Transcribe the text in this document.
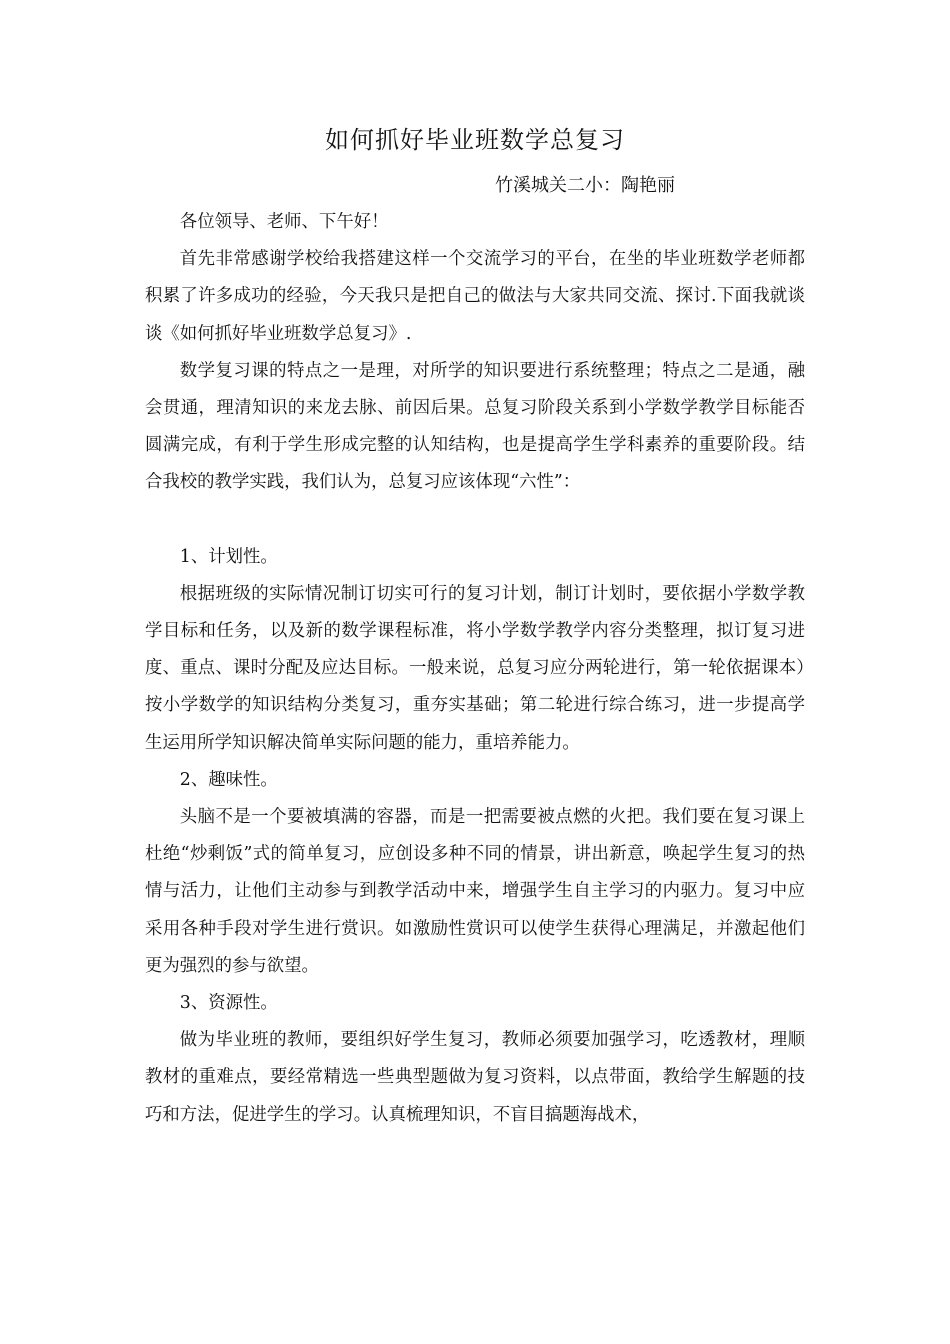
如何抓好毕业班数学总复习
竹溪城关二小：陶艳丽

各位领导、老师、下午好！

首先非常感谢学校给我搭建这样一个交流学习的平台，在坐的毕业班数学老师都积累了许多成功的经验，今天我只是把自己的做法与大家共同交流、探讨.下面我就谈谈《如何抓好毕业班数学总复习》.

数学复习课的特点之一是理，对所学的知识要进行系统整理；特点之二是通，融会贯通，理清知识的来龙去脉、前因后果。总复习阶段关系到小学数学教学目标能否圆满完成，有利于学生形成完整的认知结构，也是提高学生学科素养的重要阶段。结合我校的教学实践，我们认为，总复习应该体现“六性”：

1、计划性。

根据班级的实际情况制订切实可行的复习计划，制订计划时，要依据小学数学教学目标和任务，以及新的数学课程标准，将小学数学教学内容分类整理，拟订复习进度、重点、课时分配及应达目标。一般来说，总复习应分两轮进行，第一轮依据课本）按小学数学的知识结构分类复习，重夯实基础；第二轮进行综合练习，进一步提高学生运用所学知识解决简单实际问题的能力，重培养能力。

2、趣味性。

头脑不是一个要被填满的容器，而是一把需要被点燃的火把。我们要在复习课上杜绝“炒剩饭”式的简单复习，应创设多种不同的情景，讲出新意，唤起学生复习的热情与活力，让他们主动参与到教学活动中来，增强学生自主学习的内驱力。复习中应采用各种手段对学生进行赏识。如激励性赏识可以使学生获得心理满足，并激起他们更为强烈的参与欲望。

3、资源性。

做为毕业班的教师，要组织好学生复习，教师必须要加强学习，吃透教材，理顺教材的重难点，要经常精选一些典型题做为复习资料，以点带面，教给学生解题的技巧和方法，促进学生的学习。认真梳理知识，不盲目搞题海战术，
